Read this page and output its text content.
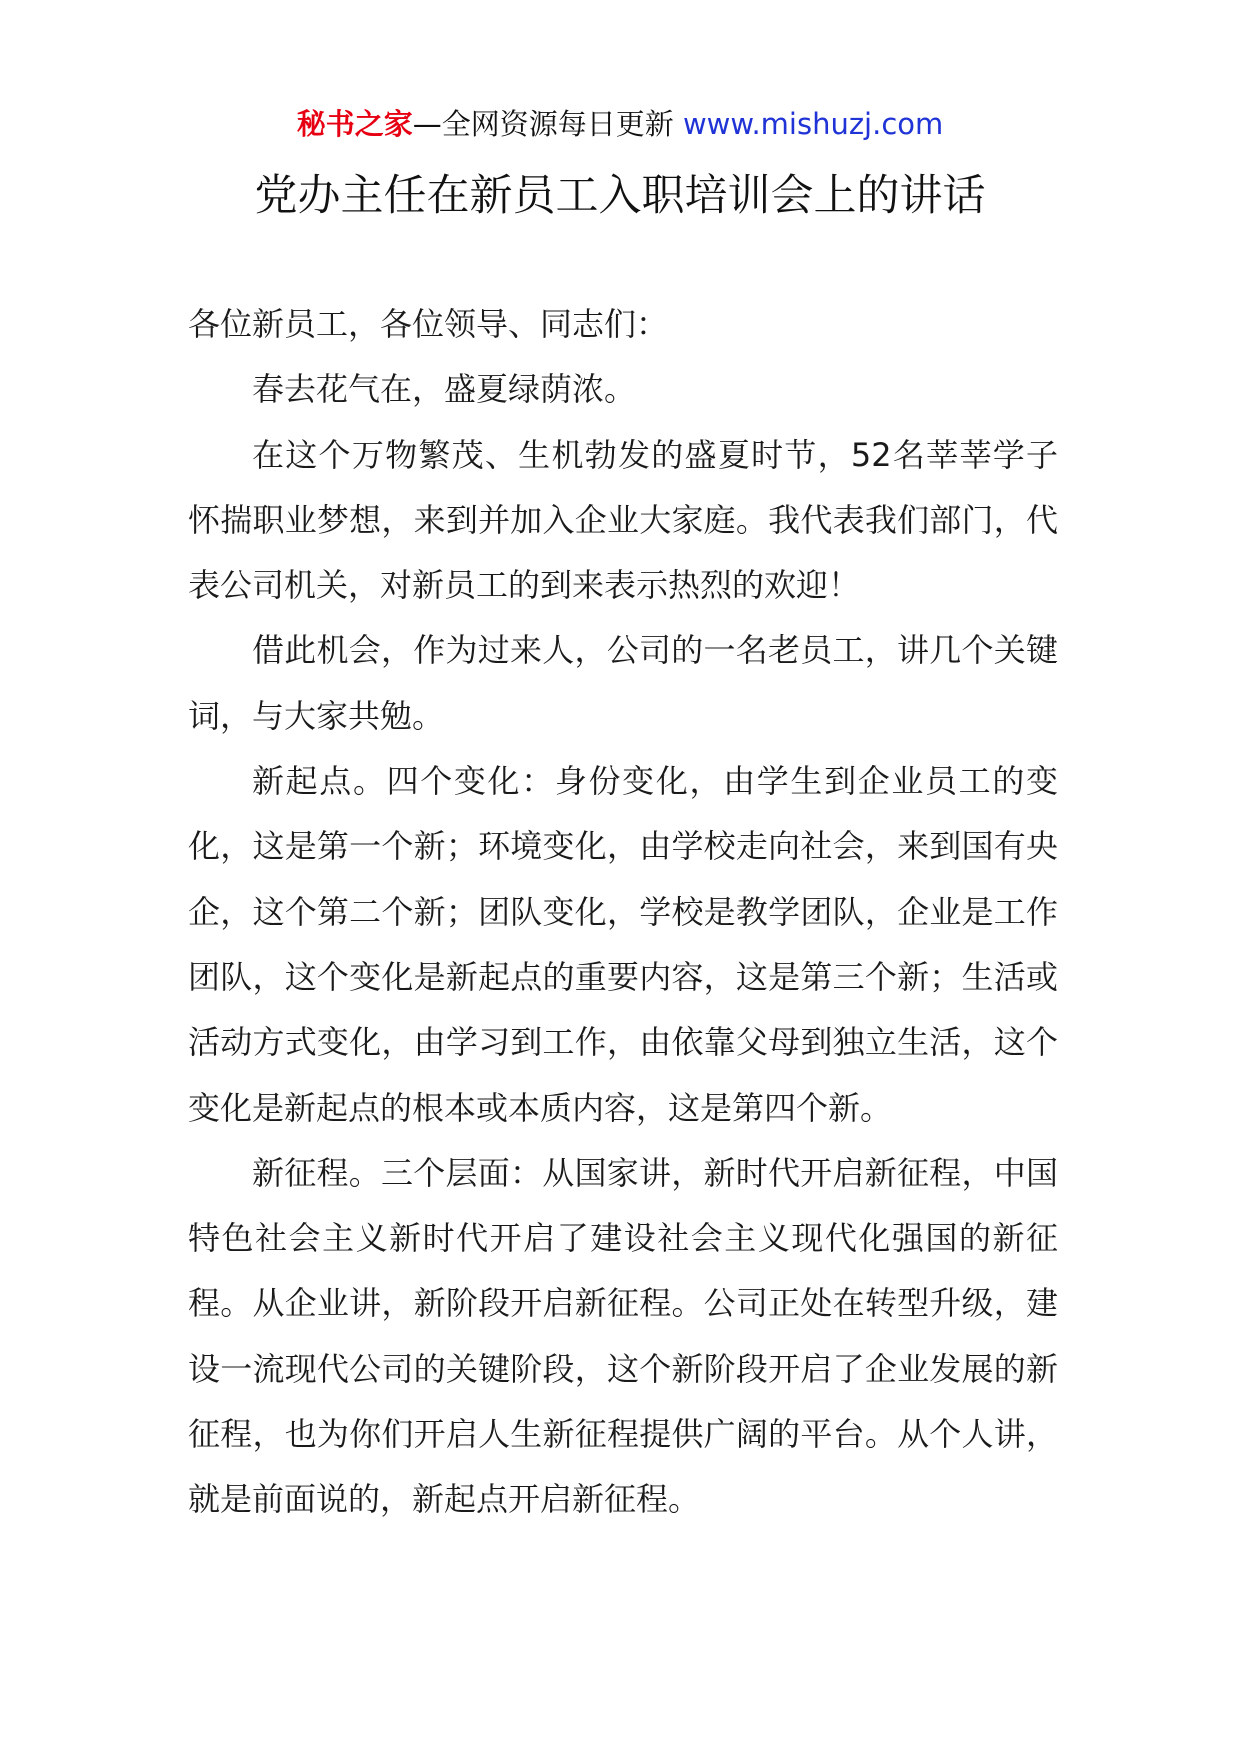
秘书之家—全网资源每日更新 www.mishuzj.com
党办主任在新员工入职培训会上的讲话

各位新员工，各位领导、同志们：

春去花气在，盛夏绿荫浓。

在这个万物繁茂、生机勃发的盛夏时节，52名莘莘学子怀揣职业梦想，来到并加入企业大家庭。我代表我们部门，代表公司机关，对新员工的到来表示热烈的欢迎！

借此机会，作为过来人，公司的一名老员工，讲几个关键词，与大家共勉。

新起点。四个变化：身份变化，由学生到企业员工的变化，这是第一个新；环境变化，由学校走向社会，来到国有央企，这个第二个新；团队变化，学校是教学团队，企业是工作团队，这个变化是新起点的重要内容，这是第三个新；生活或活动方式变化，由学习到工作，由依靠父母到独立生活，这个变化是新起点的根本或本质内容，这是第四个新。

新征程。三个层面：从国家讲，新时代开启新征程，中国特色社会主义新时代开启了建设社会主义现代化强国的新征程。从企业讲，新阶段开启新征程。公司正处在转型升级，建设一流现代公司的关键阶段，这个新阶段开启了企业发展的新征程，也为你们开启人生新征程提供广阔的平台。从个人讲，就是前面说的，新起点开启新征程。
